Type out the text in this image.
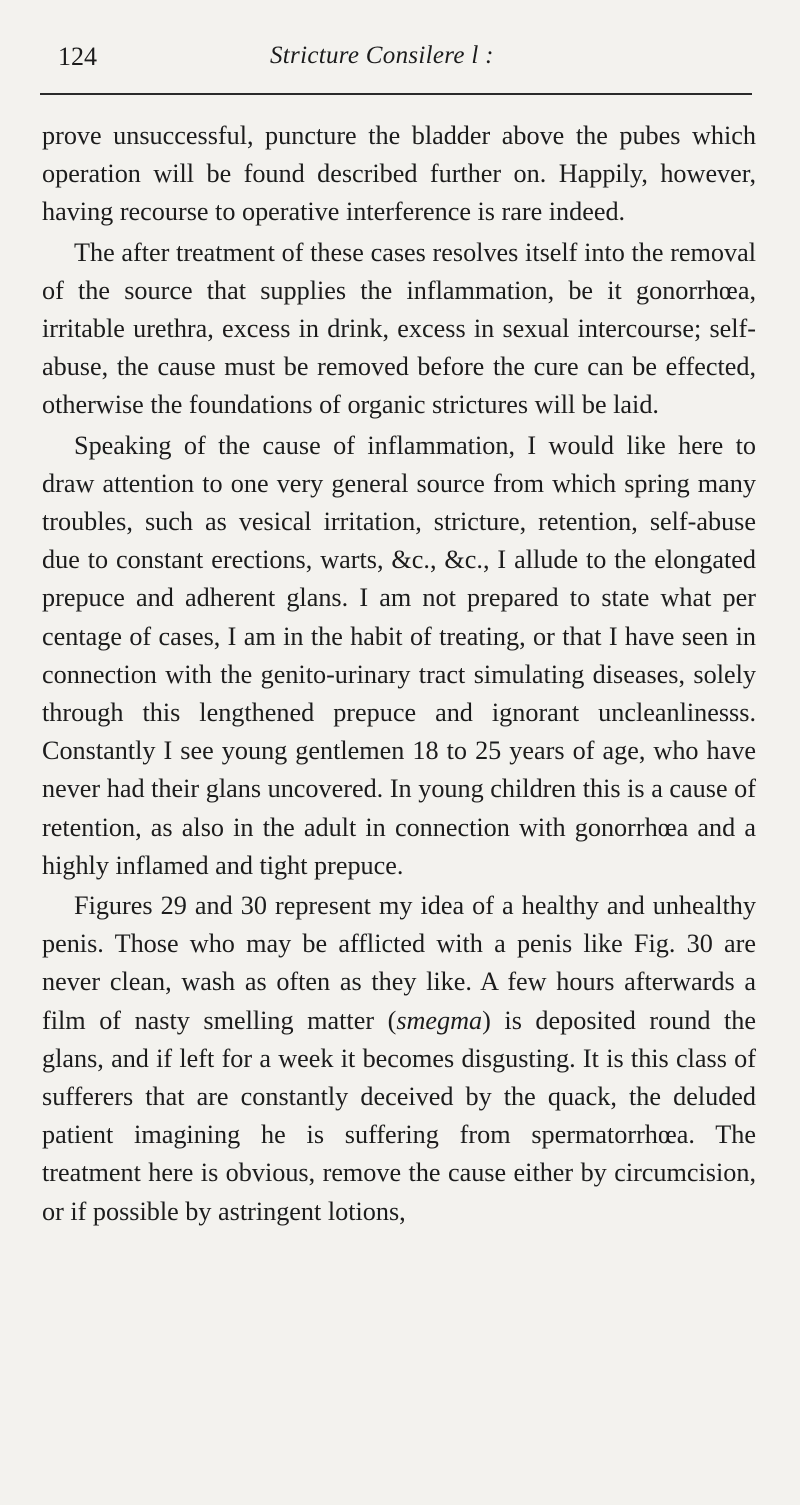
124	Stricture Consilere l :

prove unsuccessful, puncture the bladder above the pubes which operation will be found described further on. Happily, however, having recourse to operative interference is rare indeed.

The after treatment of these cases resolves itself into the removal of the source that supplies the inflammation, be it gonorrhœa, irritable urethra, excess in drink, excess in sexual intercourse; self-abuse, the cause must be removed before the cure can be effected, otherwise the foundations of organic strictures will be laid.

Speaking of the cause of inflammation, I would like here to draw attention to one very general source from which spring many troubles, such as vesical irritation, stricture, retention, self-abuse due to constant erections, warts, &c., &c., I allude to the elongated prepuce and adherent glans. I am not prepared to state what per centage of cases, I am in the habit of treating, or that I have seen in connection with the genito-urinary tract simulating diseases, solely through this lengthened prepuce and ignorant uncleanlinesss. Constantly I see young gentlemen 18 to 25 years of age, who have never had their glans uncovered. In young children this is a cause of retention, as also in the adult in connection with gonorrhœa and a highly inflamed and tight prepuce.

Figures 29 and 30 represent my idea of a healthy and unhealthy penis. Those who may be afflicted with a penis like Fig. 30 are never clean, wash as often as they like. A few hours afterwards a film of nasty smelling matter (smegma) is deposited round the glans, and if left for a week it becomes disgusting. It is this class of sufferers that are constantly deceived by the quack, the deluded patient imagining he is suffering from spermatorrhœa. The treatment here is obvious, remove the cause either by circumcision, or if possible by astringent lotions,
